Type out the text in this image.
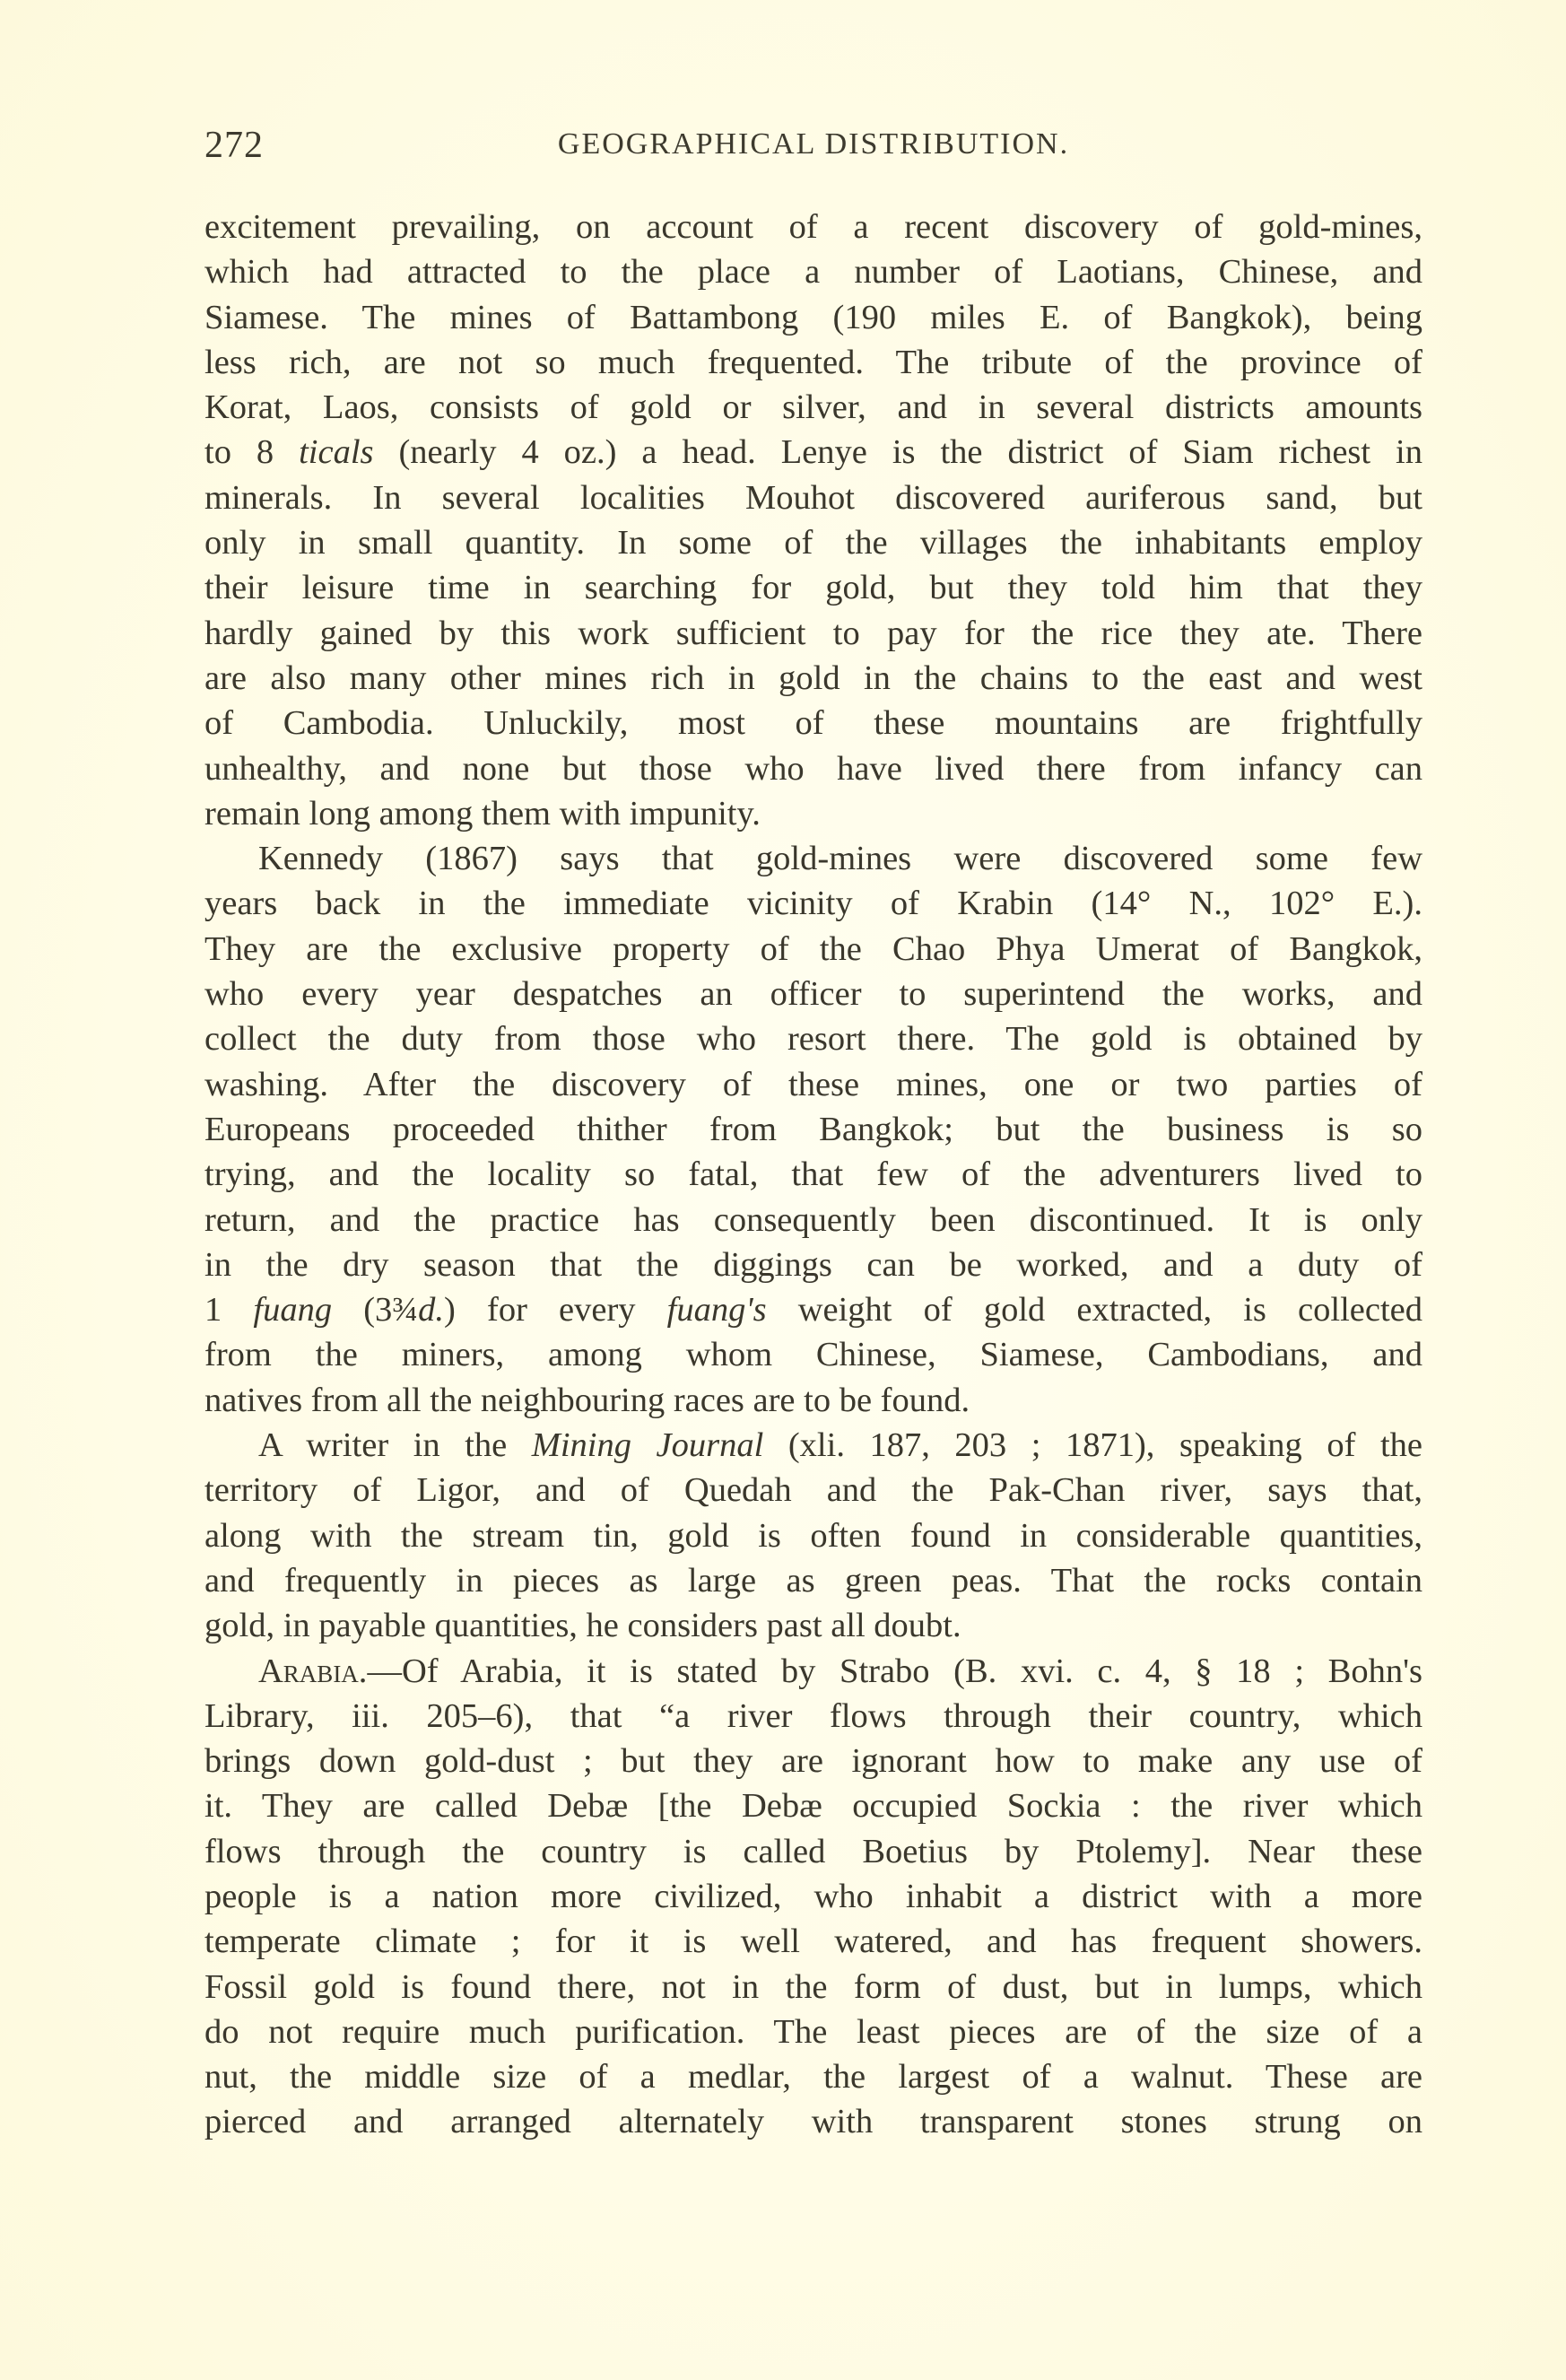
272	GEOGRAPHICAL DISTRIBUTION.
excitement prevailing, on account of a recent discovery of gold-mines,
which had attracted to the place a number of Laotians, Chinese, and
Siamese. The mines of Battambong (190 miles E. of Bangkok), being
less rich, are not so much frequented. The tribute of the province of
Korat, Laos, consists of gold or silver, and in several districts amounts
to 8 ticals (nearly 4 oz.) a head. Lenye is the district of Siam richest in
minerals. In several localities Mouhot discovered auriferous sand, but
only in small quantity. In some of the villages the inhabitants employ
their leisure time in searching for gold, but they told him that they
hardly gained by this work sufficient to pay for the rice they ate. There
are also many other mines rich in gold in the chains to the east and west
of Cambodia. Unluckily, most of these mountains are frightfully
unhealthy, and none but those who have lived there from infancy can
remain long among them with impunity.
Kennedy (1867) says that gold-mines were discovered some few
years back in the immediate vicinity of Krabin (14° N., 102° E.).
They are the exclusive property of the Chao Phya Umerat of Bangkok,
who every year despatches an officer to superintend the works, and
collect the duty from those who resort there. The gold is obtained by
washing. After the discovery of these mines, one or two parties of
Europeans proceeded thither from Bangkok; but the business is so
trying, and the locality so fatal, that few of the adventurers lived to
return, and the practice has consequently been discontinued. It is only
in the dry season that the diggings can be worked, and a duty of
1 fuang (3¾d.) for every fuang's weight of gold extracted, is collected
from the miners, among whom Chinese, Siamese, Cambodians, and
natives from all the neighbouring races are to be found.
A writer in the Mining Journal (xli. 187, 203 ; 1871), speaking of the
territory of Ligor, and of Quedah and the Pak-Chan river, says that,
along with the stream tin, gold is often found in considerable quantities,
and frequently in pieces as large as green peas. That the rocks contain
gold, in payable quantities, he considers past all doubt.
Arabia.—Of Arabia, it is stated by Strabo (B. xvi. c. 4, § 18 ; Bohn's
Library, iii. 205–6), that “a river flows through their country, which
brings down gold-dust ; but they are ignorant how to make any use of
it. They are called Debæ [the Debæ occupied Sockia : the river which
flows through the country is called Boetius by Ptolemy]. Near these
people is a nation more civilized, who inhabit a district with a more
temperate climate ; for it is well watered, and has frequent showers.
Fossil gold is found there, not in the form of dust, but in lumps, which
do not require much purification. The least pieces are of the size of a
nut, the middle size of a medlar, the largest of a walnut. These are
pierced and arranged alternately with transparent stones strung on
